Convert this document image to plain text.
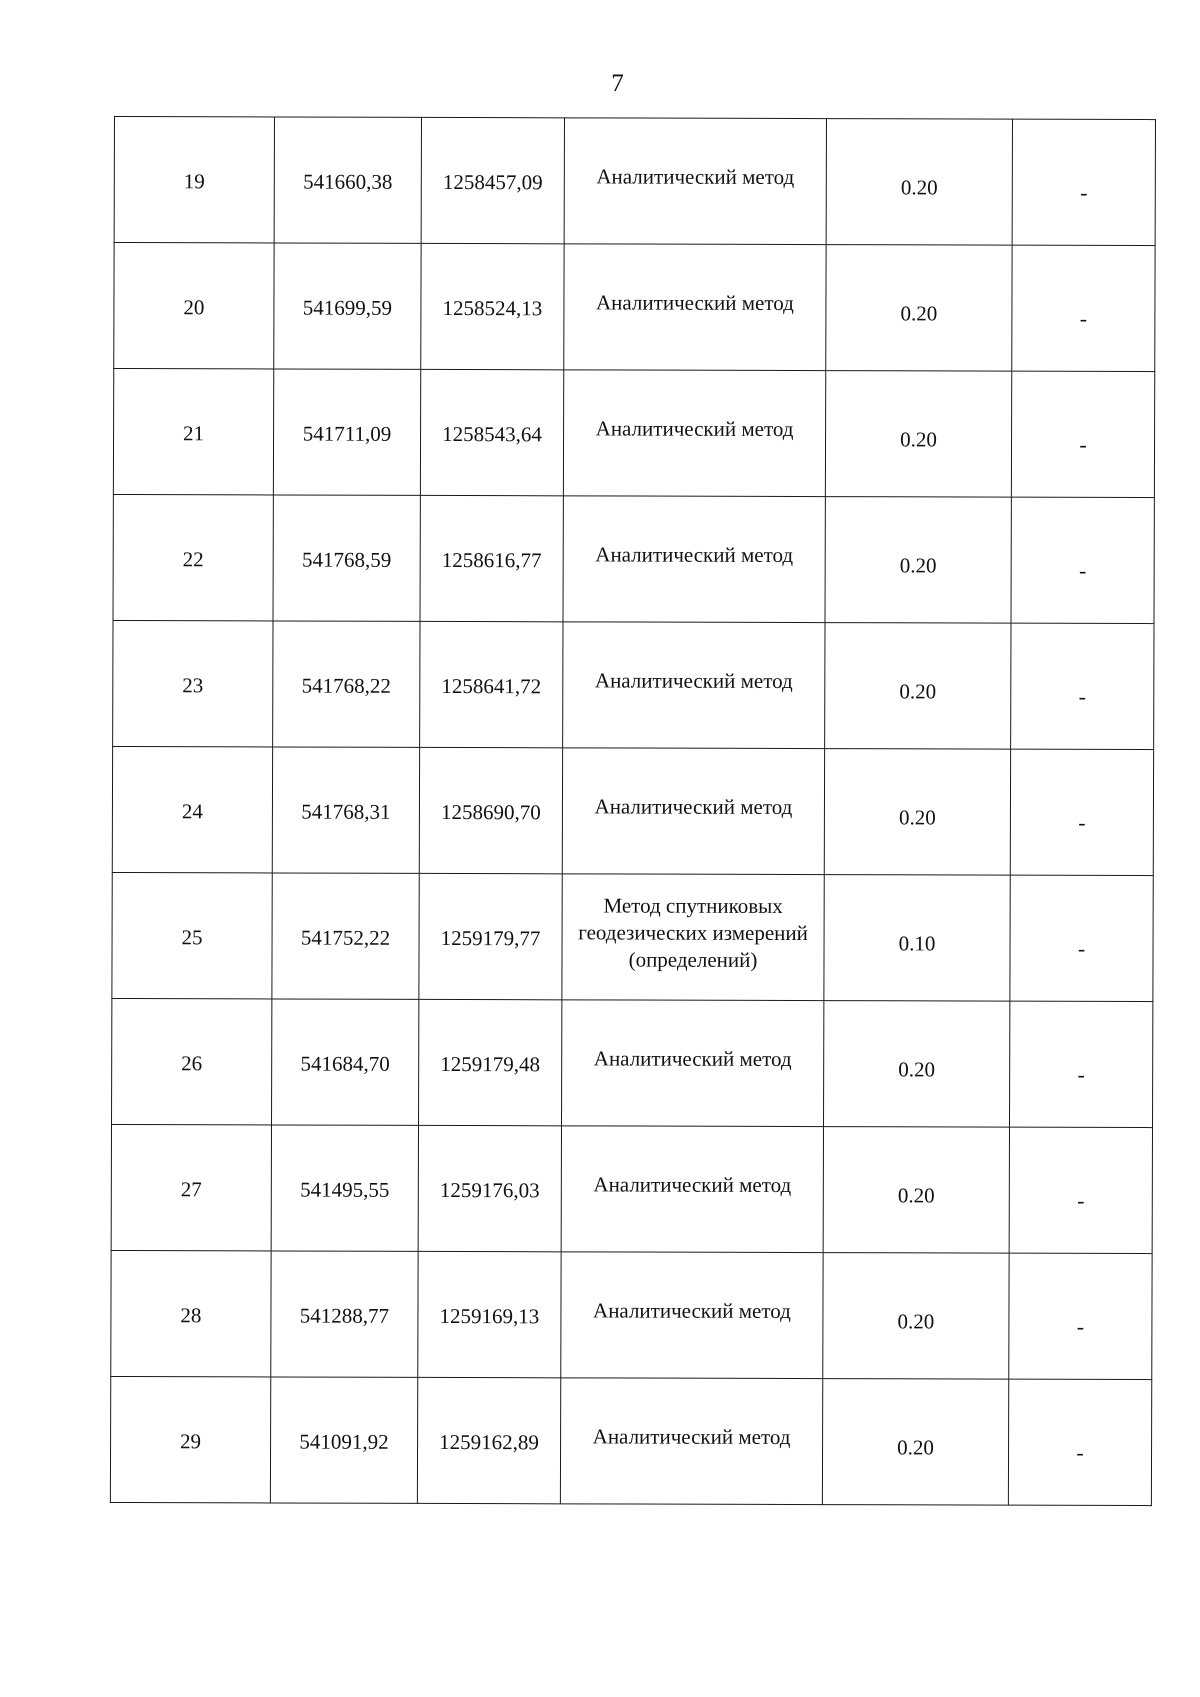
7
19	541660,38	1258457,09	Аналитический метод	0.20	-
20	541699,59	1258524,13	Аналитический метод	0.20	-
21	541711,09	1258543,64	Аналитический метод	0.20	-
22	541768,59	1258616,77	Аналитический метод	0.20	-
23	541768,22	1258641,72	Аналитический метод	0.20	-
24	541768,31	1258690,70	Аналитический метод	0.20	-
25	541752,22	1259179,77	Метод спутниковых геодезических измерений (определений)	0.10	-
26	541684,70	1259179,48	Аналитический метод	0.20	-
27	541495,55	1259176,03	Аналитический метод	0.20	-
28	541288,77	1259169,13	Аналитический метод	0.20	-
29	541091,92	1259162,89	Аналитический метод	0.20	-
